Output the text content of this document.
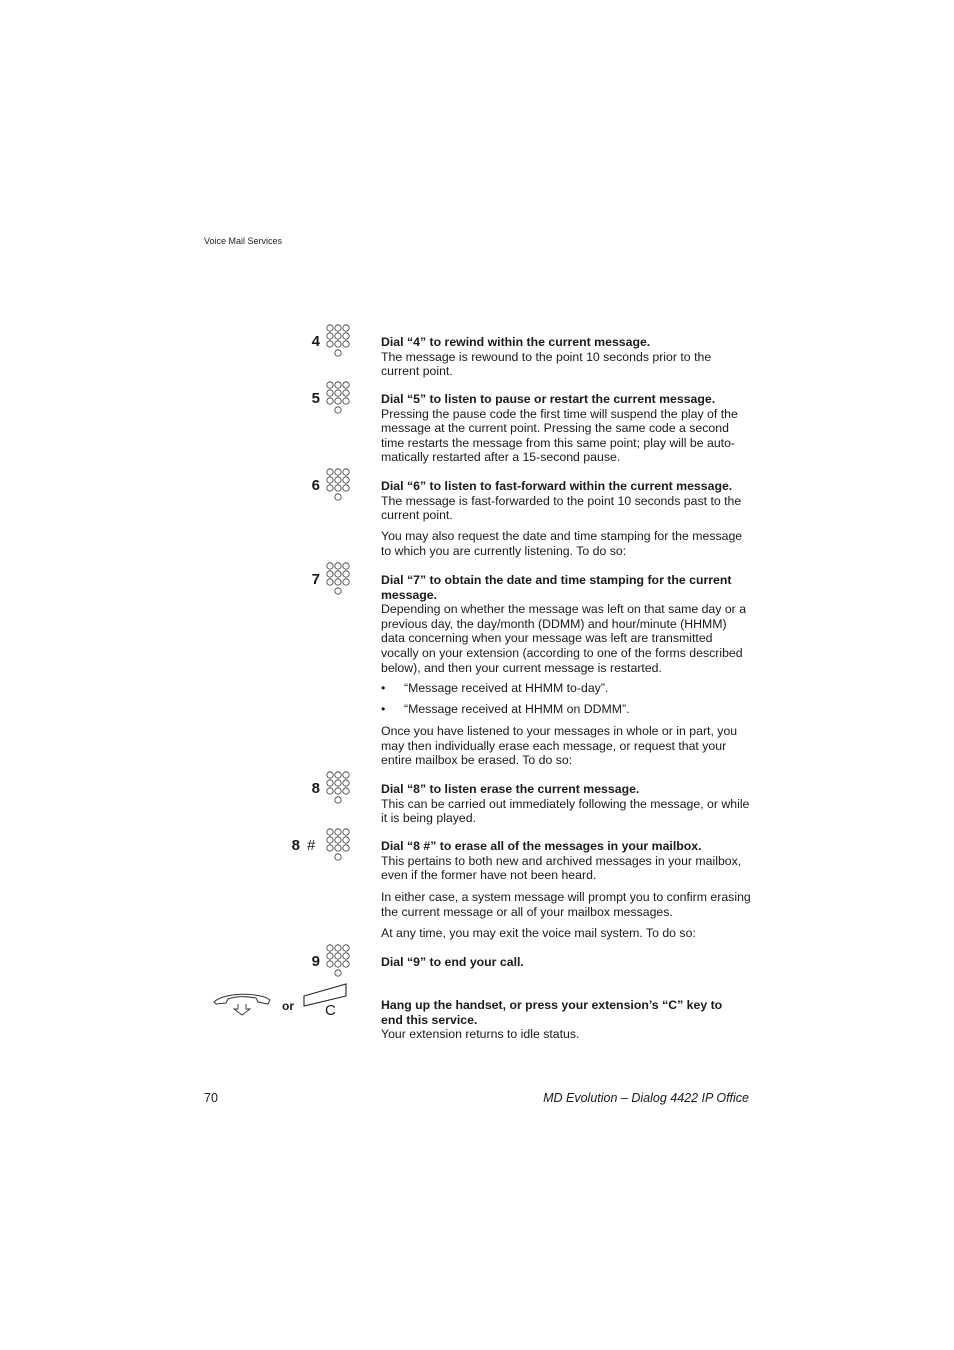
Voice Mail Services
4	Dial “4” to rewind within the current message.
The message is rewound to the point 10 seconds prior to the
current point.
5	Dial “5” to listen to pause or restart the current message.
Pressing the pause code the first time will suspend the play of the
message at the current point. Pressing the same code a second
time restarts the message from this same point; play will be auto-
matically restarted after a 15-second pause.
6	Dial “6” to listen to fast-forward within the current message.
The message is fast-forwarded to the point 10 seconds past to the
current point.
You may also request the date and time stamping for the message
to which you are currently listening. To do so:
7	Dial “7” to obtain the date and time stamping for the current
message.
Depending on whether the message was left on that same day or a
previous day, the day/month (DDMM) and hour/minute (HHMM)
data concerning when your message was left are transmitted
vocally on your extension (according to one of the forms described
below), and then your current message is restarted.
• “Message received at HHMM to-day”.
• “Message received at HHMM on DDMM”.
Once you have listened to your messages in whole or in part, you
may then individually erase each message, or request that your
entire mailbox be erased. To do so:
8	Dial “8” to listen erase the current message.
This can be carried out immediately following the message, or while
it is being played.
8 #	Dial “8 #” to erase all of the messages in your mailbox.
This pertains to both new and archived messages in your mailbox,
even if the former have not been heard.
In either case, a system message will prompt you to confirm erasing
the current message or all of your mailbox messages.
At any time, you may exit the voice mail system. To do so:
9	Dial “9” to end your call.
or C	Hang up the handset, or press your extension’s “C” key to
end this service.
Your extension returns to idle status.
70	MD Evolution – Dialog 4422 IP Office
